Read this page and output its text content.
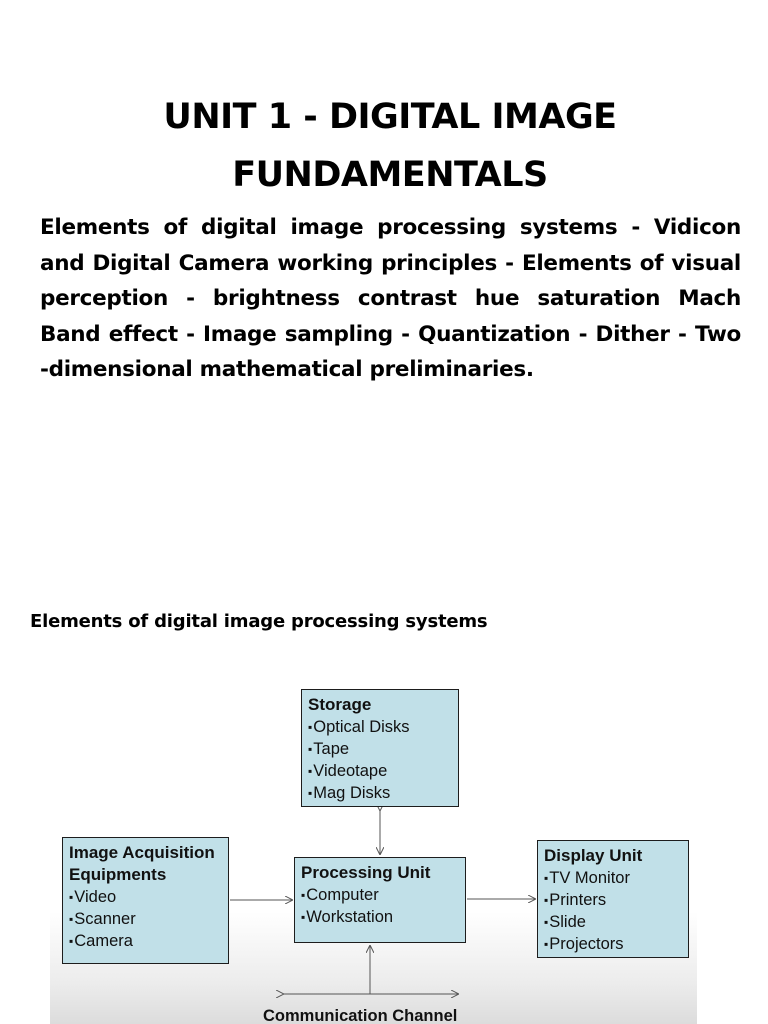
UNIT 1 - DIGITAL IMAGE
FUNDAMENTALS
Elements of digital image processing systems - Vidicon and Digital Camera working principles - Elements of visual perception - brightness contrast hue saturation Mach Band effect - Image sampling - Quantization - Dither - Two -dimensional mathematical preliminaries.
Elements of digital image processing systems
Storage
▪ Optical Disks
▪ Tape
▪ Videotape
▪ Mag Disks
Image Acquisition
Equipments
▪ Video
▪ Scanner
▪ Camera
Processing Unit
▪ Computer
▪ Workstation
Display Unit
▪ TV Monitor
▪ Printers
▪ Slide
▪ Projectors
Communication Channel
